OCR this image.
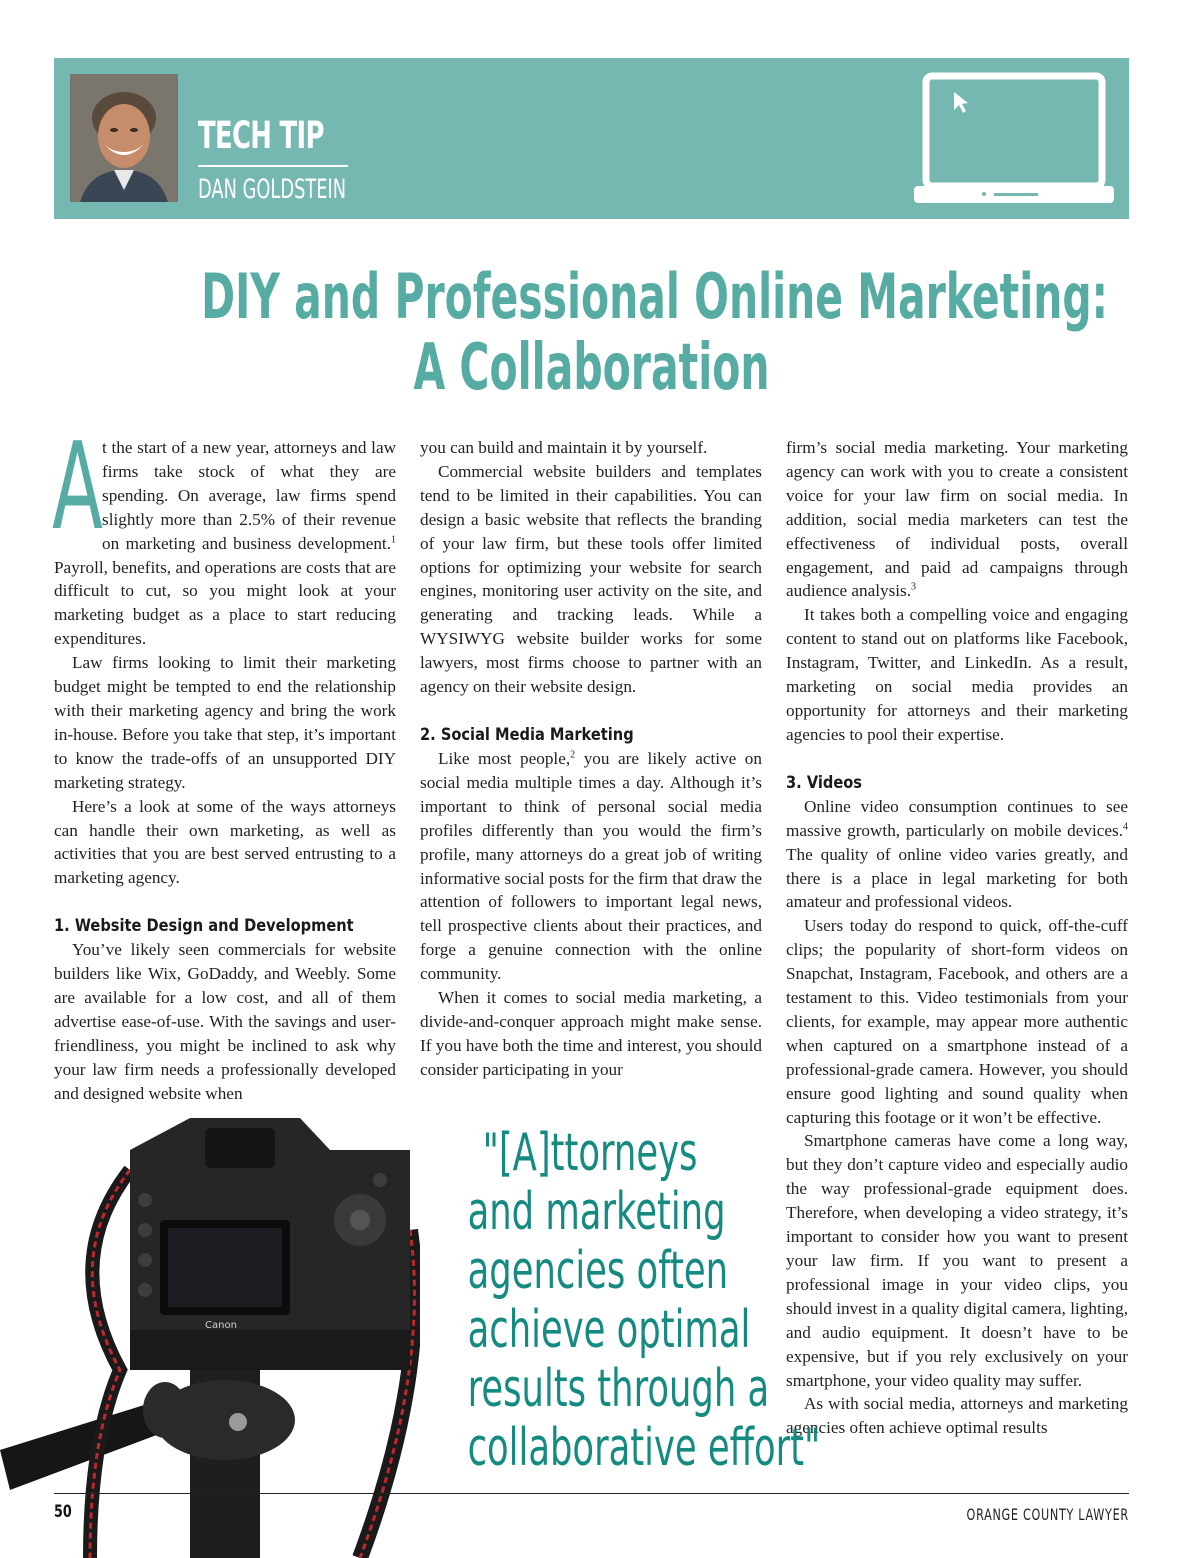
TECH TIP
DAN GOLDSTEIN
DIY and Professional Online Marketing:
A Collaboration

At the start of a new year, attorneys and law firms take stock of what they are spending. On average, law firms spend slightly more than 2.5% of their revenue on marketing and business development.$^1$ Payroll, benefits, and operations are costs that are difficult to cut, so you might look at your marketing budget as a place to start reducing expenditures.

Law firms looking to limit their marketing budget might be tempted to end the relationship with their marketing agency and bring the work in-house. Before you take that step, it’s important to know the trade-offs of an unsupported DIY marketing strategy.

Here’s a look at some of the ways attorneys can handle their own marketing, as well as activities that you are best served entrusting to a marketing agency.

1. Website Design and Development

You’ve likely seen commercials for website builders like Wix, GoDaddy, and Weebly. Some are available for a low cost, and all of them advertise ease-of-use. With the savings and user-friendliness, you might be inclined to ask why your law firm needs a professionally developed and designed website when

you can build and maintain it by yourself.

Commercial website builders and templates tend to be limited in their capabilities. You can design a basic website that reflects the branding of your law firm, but these tools offer limited options for optimizing your website for search engines, monitoring user activity on the site, and generating and tracking leads. While a WYSIWYG website builder works for some lawyers, most firms choose to partner with an agency on their website design.

2. Social Media Marketing

Like most people,$^2$ you are likely active on social media multiple times a day. Although it’s important to think of personal social media profiles differently than you would the firm’s profile, many attorneys do a great job of writing informative social posts for the firm that draw the attention of followers to important legal news, tell prospective clients about their practices, and forge a genuine connection with the online community.

When it comes to social media marketing, a divide-and-conquer approach might make sense. If you have both the time and interest, you should consider participating in your

firm’s social media marketing. Your marketing agency can work with you to create a consistent voice for your law firm on social media. In addition, social media marketers can test the effectiveness of individual posts, overall engagement, and paid ad campaigns through audience analysis.$^3$

It takes both a compelling voice and engaging content to stand out on platforms like Facebook, Instagram, Twitter, and LinkedIn. As a result, marketing on social media provides an opportunity for attorneys and their marketing agencies to pool their expertise.

3. Videos

Online video consumption continues to see massive growth, particularly on mobile devices.$^4$ The quality of online video varies greatly, and there is a place in legal marketing for both amateur and professional videos.

Users today do respond to quick, off-the-cuff clips; the popularity of short-form videos on Snapchat, Instagram, Facebook, and others are a testament to this. Video testimonials from your clients, for example, may appear more authentic when captured on a smartphone instead of a professional-grade camera. However, you should ensure good lighting and sound quality when capturing this footage or it won’t be effective.

Smartphone cameras have come a long way, but they don’t capture video and especially audio the way professional-grade equipment does. Therefore, when developing a video strategy, it’s important to consider how you want to present your law firm. If you want to present a professional image in your video clips, you should invest in a quality digital camera, lighting, and audio equipment. It doesn’t have to be expensive, but if you rely exclusively on your smartphone, your video quality may suffer.

As with social media, attorneys and marketing agencies often achieve optimal results

Canon
"[A]ttorneys
and marketing
agencies often
achieve optimal
results through a
collaborative effort"
50	ORANGE COUNTY LAWYER
